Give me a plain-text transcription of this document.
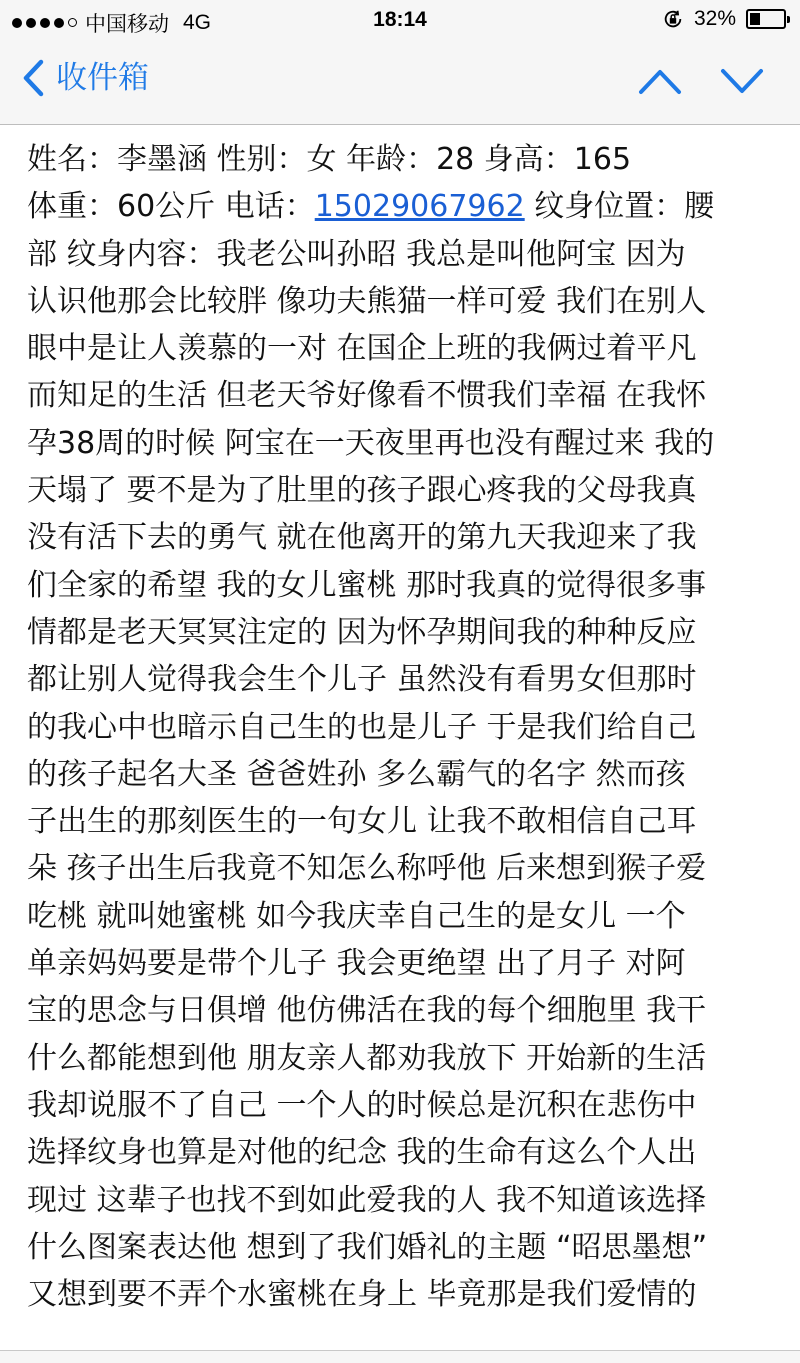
中国移动 4G	18:14	32%
收件箱
姓名：李墨涵 性别：女 年龄：28 身高：165
体重：60公斤 电话：15029067962 纹身位置：腰
部 纹身内容：我老公叫孙昭 我总是叫他阿宝 因为
认识他那会比较胖 像功夫熊猫一样可爱 我们在别人
眼中是让人羡慕的一对 在国企上班的我俩过着平凡
而知足的生活 但老天爷好像看不惯我们幸福 在我怀
孕38周的时候 阿宝在一天夜里再也没有醒过来 我的
天塌了 要不是为了肚里的孩子跟心疼我的父母我真
没有活下去的勇气 就在他离开的第九天我迎来了我
们全家的希望 我的女儿蜜桃 那时我真的觉得很多事
情都是老天冥冥注定的 因为怀孕期间我的种种反应
都让别人觉得我会生个儿子 虽然没有看男女但那时
的我心中也暗示自己生的也是儿子 于是我们给自己
的孩子起名大圣 爸爸姓孙 多么霸气的名字 然而孩
子出生的那刻医生的一句女儿 让我不敢相信自己耳
朵 孩子出生后我竟不知怎么称呼他 后来想到猴子爱
吃桃 就叫她蜜桃 如今我庆幸自己生的是女儿 一个
单亲妈妈要是带个儿子 我会更绝望 出了月子 对阿
宝的思念与日俱增 他仿佛活在我的每个细胞里 我干
什么都能想到他 朋友亲人都劝我放下 开始新的生活
我却说服不了自己 一个人的时候总是沉积在悲伤中
选择纹身也算是对他的纪念 我的生命有这么个人出
现过 这辈子也找不到如此爱我的人 我不知道该选择
什么图案表达他 想到了我们婚礼的主题 “昭思墨想”
又想到要不弄个水蜜桃在身上 毕竟那是我们爱情的
